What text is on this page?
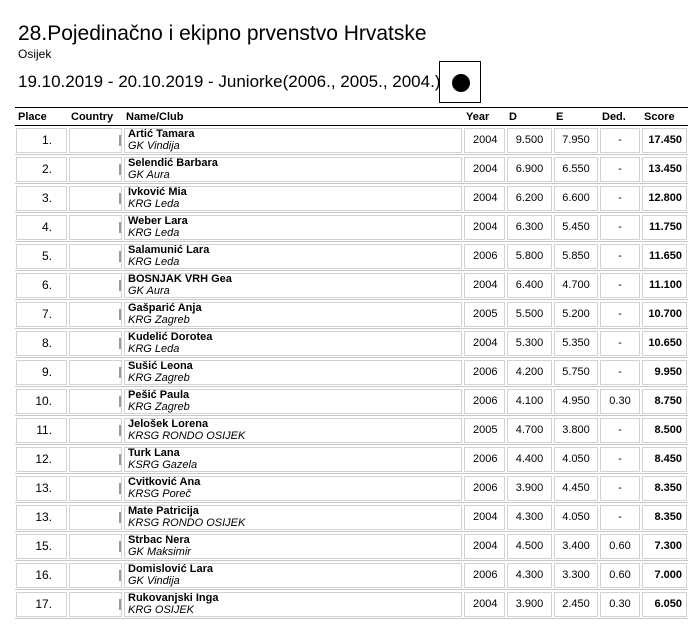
28.Pojedinačno i ekipno prvenstvo Hrvatske
Osijek
19.10.2019 - 20.10.2019 - Juniorke(2006., 2005., 2004.)
Place	Country	Name/Club	Year	D	E	Ded.	Score

1.		Artić Tamara
GK Vindija	2004	9.500	7.950	-	17.450

2.		Šelendić Barbara
GK Aura	2004	6.900	6.550	-	13.450

3.		Ivković Mia
KRG Leda	2004	6.200	6.600	-	12.800

4.		Weber Lara
KRG Leda	2004	6.300	5.450	-	11.750

5.		Salamunić Lara
KRG Leda	2006	5.800	5.850	-	11.650

6.		BOSNJAK VRH Gea
GK Aura	2004	6.400	4.700	-	11.100

7.		Gašparić Anja
KRG Zagreb	2005	5.500	5.200	-	10.700

8.		Kudelić Dorotea
KRG Leda	2004	5.300	5.350	-	10.650

9.		Šušić Leona
KRG Zagreb	2006	4.200	5.750	-	9.950

10.		Pešić Paula
KRG Zagreb	2006	4.100	4.950	0.30	8.750

11.		Jelošek Lorena
KRSG RONDO OSIJEK	2005	4.700	3.800	-	8.500

12.		Turk Lana
KSRG Gazela	2006	4.400	4.050	-	8.450

13.		Cvitković Ana
KRSG Poreč	2006	3.900	4.450	-	8.350

13.		Mate Patricija
KRSG RONDO OSIJEK	2004	4.300	4.050	-	8.350

15.		Štrbac Nera
GK Maksimir	2004	4.500	3.400	0.60	7.300

16.		Domislović Lara
GK Vindija	2006	4.300	3.300	0.60	7.000

17.		Rukovanjski Inga
KRG OSIJEK	2004	3.900	2.450	0.30	6.050
